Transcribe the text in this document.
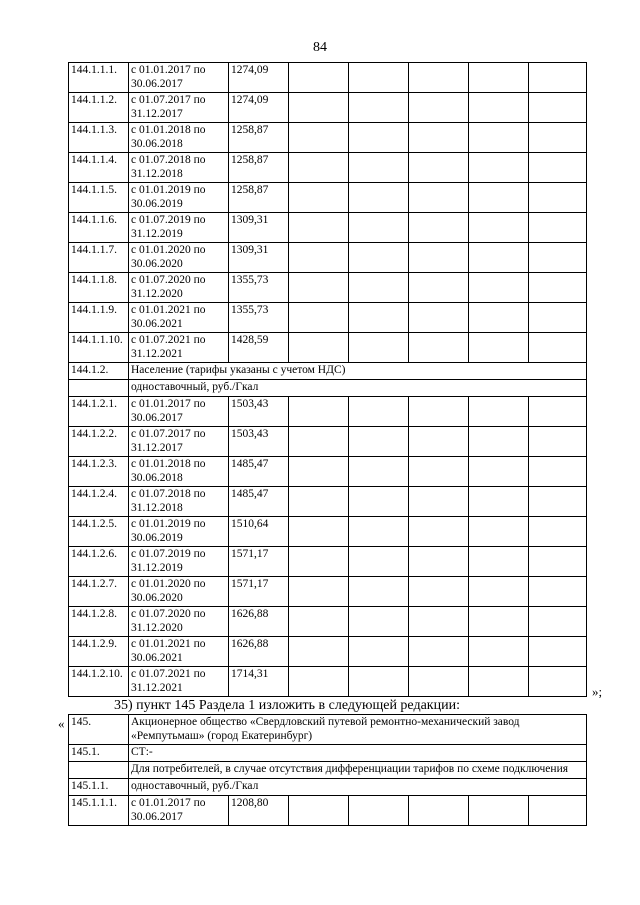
84
144.1.1.1.	с 01.01.2017 по 30.06.2017	1274,09					
144.1.1.2.	с 01.07.2017 по 31.12.2017	1274,09					
144.1.1.3.	с 01.01.2018 по 30.06.2018	1258,87					
144.1.1.4.	с 01.07.2018 по 31.12.2018	1258,87					
144.1.1.5.	с 01.01.2019 по 30.06.2019	1258,87					
144.1.1.6.	с 01.07.2019 по 31.12.2019	1309,31					
144.1.1.7.	с 01.01.2020 по 30.06.2020	1309,31					
144.1.1.8.	с 01.07.2020 по 31.12.2020	1355,73					
144.1.1.9.	с 01.01.2021 по 30.06.2021	1355,73					
144.1.1.10.	с 01.07.2021 по 31.12.2021	1428,59					
144.1.2.	Население (тарифы указаны с учетом НДС)						
	одноставочный, руб./Гкал						
144.1.2.1.	с 01.01.2017 по 30.06.2017	1503,43					
144.1.2.2.	с 01.07.2017 по 31.12.2017	1503,43					
144.1.2.3.	с 01.01.2018 по 30.06.2018	1485,47					
144.1.2.4.	с 01.07.2018 по 31.12.2018	1485,47					
144.1.2.5.	с 01.01.2019 по 30.06.2019	1510,64					
144.1.2.6.	с 01.07.2019 по 31.12.2019	1571,17					
144.1.2.7.	с 01.01.2020 по 30.06.2020	1571,17					
144.1.2.8.	с 01.07.2020 по 31.12.2020	1626,88					
144.1.2.9.	с 01.01.2021 по 30.06.2021	1626,88					
144.1.2.10.	с 01.07.2021 по 31.12.2021	1714,31					
»;
35) пункт 145 Раздела 1 изложить в следующей редакции:
« 145.	Акционерное общество «Свердловский путевой ремонтно-механический завод «Ремпутьмаш» (город Екатеринбург)						
145.1.	СТ:-						
	Для потребителей, в случае отсутствия дифференциации тарифов по схеме подключения						
145.1.1.	одноставочный, руб./Гкал						
145.1.1.1.	с 01.01.2017 по 30.06.2017	1208,80					
